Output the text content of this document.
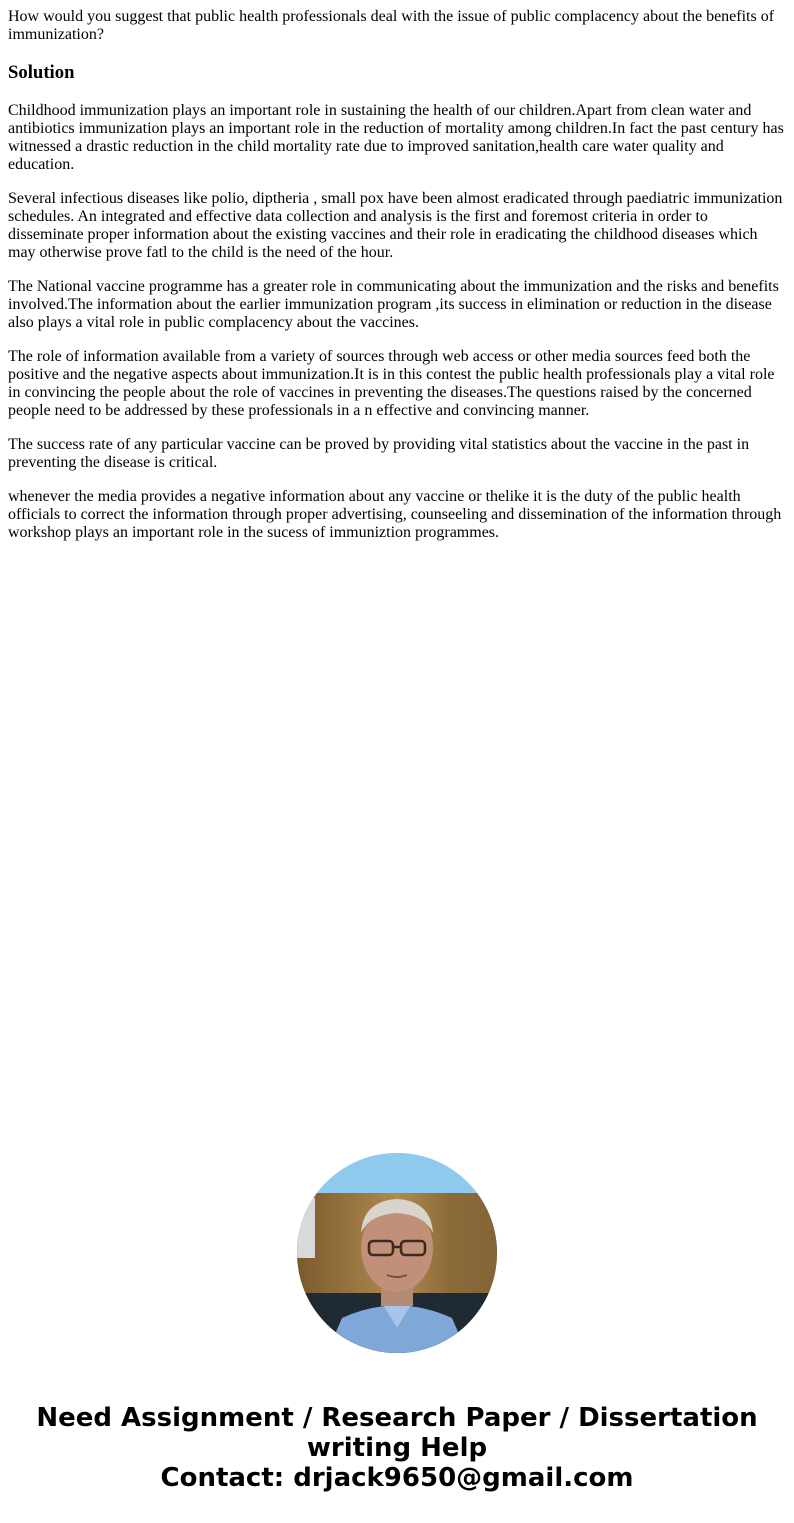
How would you suggest that public health professionals deal with the issue of public complacency about the benefits of immunization?
Solution

Childhood immunization plays an important role in sustaining the health of our children.Apart from clean water and antibiotics immunization plays an important role in the reduction of mortality among children.In fact the past century has witnessed a drastic reduction in the child mortality rate due to improved sanitation,health care water quality and education.

Several infectious diseases like polio, diptheria , small pox have been almost eradicated through paediatric immunization schedules. An integrated and effective data collection and analysis is the first and foremost criteria in order to disseminate proper information about the existing vaccines and their role in eradicating the childhood diseases which may otherwise prove fatl to the child is the need of the hour.

The National vaccine programme has a greater role in communicating about the immunization and the risks and benefits involved.The information about the earlier immunization program ,its success in elimination or reduction in the disease also plays a vital role in public complacency about the vaccines.

The role of information available from a variety of sources through web access or other media sources feed both the positive and the negative aspects about immunization.It is in this contest the public health professionals play a vital role in convincing the people about the role of vaccines in preventing the diseases.The questions raised by the concerned people need to be addressed by these professionals in a n effective and convincing manner.

The success rate of any particular vaccine can be proved by providing vital statistics about the vaccine in the past in preventing the disease is critical.

whenever the media provides a negative information about any vaccine or thelike it is the duty of the public health officials to correct the information through proper advertising, counseeling and dissemination of the information through workshop plays an important role in the sucess of immuniztion programmes.

Need Assignment / Research Paper / Dissertation writing Help
Contact: drjack9650@gmail.com
